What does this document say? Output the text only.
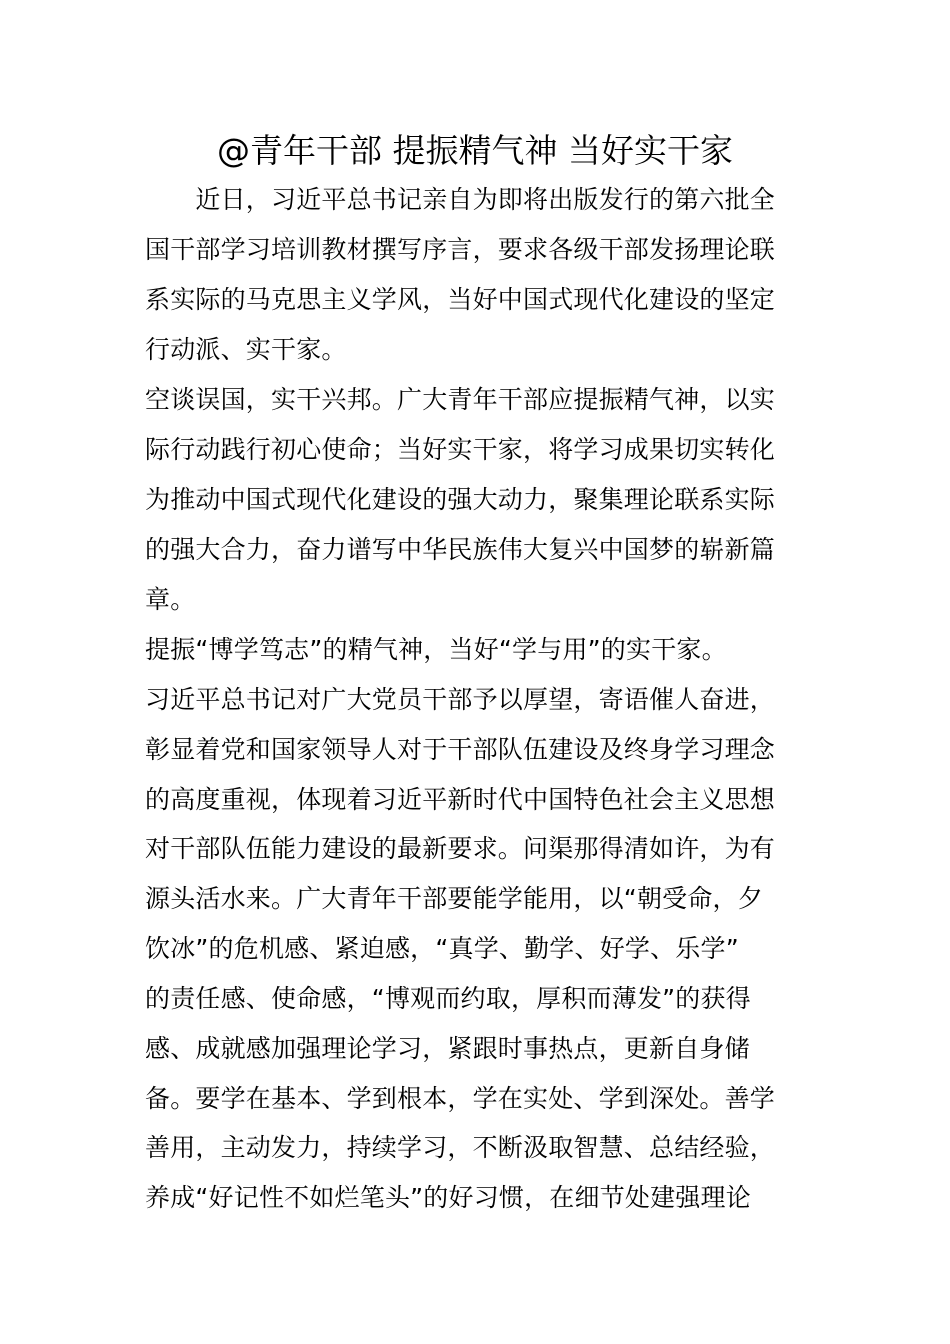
@青年干部 提振精气神 当好实干家
　　近日，习近平总书记亲自为即将出版发行的第六批全
国干部学习培训教材撰写序言，要求各级干部发扬理论联
系实际的马克思主义学风，当好中国式现代化建设的坚定
行动派、实干家。
空谈误国，实干兴邦。广大青年干部应提振精气神，以实
际行动践行初心使命；当好实干家，将学习成果切实转化
为推动中国式现代化建设的强大动力，聚集理论联系实际
的强大合力，奋力谱写中华民族伟大复兴中国梦的崭新篇
章。
提振“博学笃志”的精气神，当好“学与用”的实干家。
习近平总书记对广大党员干部予以厚望，寄语催人奋进，
彰显着党和国家领导人对于干部队伍建设及终身学习理念
的高度重视，体现着习近平新时代中国特色社会主义思想
对干部队伍能力建设的最新要求。问渠那得清如许，为有
源头活水来。广大青年干部要能学能用，以“朝受命，夕
饮冰”的危机感、紧迫感，“真学、勤学、好学、乐学”
的责任感、使命感，“博观而约取，厚积而薄发”的获得
感、成就感加强理论学习，紧跟时事热点，更新自身储
备。要学在基本、学到根本，学在实处、学到深处。善学
善用，主动发力，持续学习，不断汲取智慧、总结经验，
养成“好记性不如烂笔头”的好习惯，在细节处建强理论
